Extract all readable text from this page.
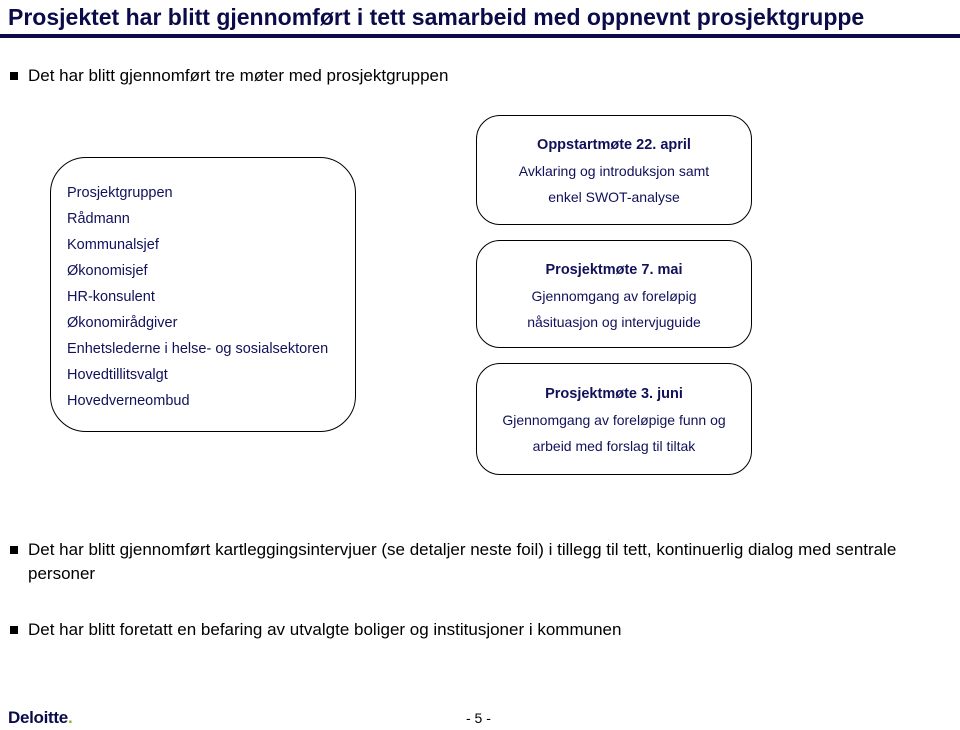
Prosjektet har blitt gjennomført i tett samarbeid med oppnevnt prosjektgruppe
Det har blitt gjennomført tre møter med prosjektgruppen
Prosjektgruppen
Rådmann
Kommunalsjef
Økonomisjef
HR-konsulent
Økonomirådgiver
Enhetslederne i helse- og sosialsektoren
Hovedtillitsvalgt
Hovedverneombud
Oppstartmøte 22. april
Avklaring og introduksjon samt
enkel SWOT-analyse
Prosjektmøte 7. mai
Gjennomgang av foreløpig
nåsituasjon og intervjuguide
Prosjektmøte 3. juni
Gjennomgang av foreløpige funn og
arbeid med forslag til tiltak
Det har blitt gjennomført kartleggingsintervjuer (se detaljer neste foil) i tillegg til tett, kontinuerlig dialog med sentrale personer
Det har blitt foretatt en befaring av utvalgte boliger og institusjoner i kommunen
Deloitte.	- 5 -
